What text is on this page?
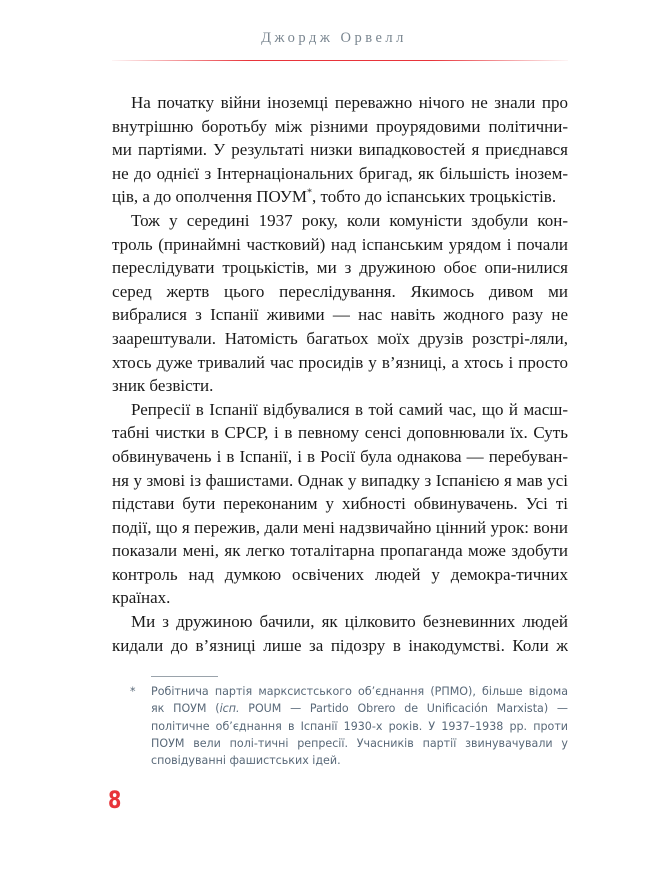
Джордж Орвелл

На початку війни іноземці переважно нічого не знали про внутрішню боротьбу між різними проурядовими політични-ми партіями. У результаті низки випадковостей я приєднався не до однієї з Інтернаціональних бригад, як більшість інозем-ців, а до ополчення ПОУМ*, тобто до іспанських троцькістів.

Тож у середині 1937 року, коли комуністи здобули кон-троль (принаймні частковий) над іспанським урядом і почали переслідувати троцькістів, ми з дружиною обоє опи-нилися серед жертв цього переслідування. Якимось дивом ми вибралися з Іспанії живими — нас навіть жодного разу не заарештували. Натомість багатьох моїх друзів розстрі-ляли, хтось дуже тривалий час просидів у в’язниці, а хтось і просто зник безвісти.

Репресії в Іспанії відбувалися в той самий час, що й масш-табні чистки в СРСР, і в певному сенсі доповнювали їх. Суть обвинувачень і в Іспанії, і в Росії була однакова — перебуван-ня у змові із фашистами. Однак у випадку з Іспанією я мав усі підстави бути переконаним у хибності обвинувачень. Усі ті події, що я пережив, дали мені надзвичайно цінний урок: вони показали мені, як легко тоталітарна пропаганда може здобути контроль над думкою освічених людей у демокра-тичних країнах.

Ми з дружиною бачили, як цілковито безневинних людей кидали до в’язниці лише за підозру в інакодумстві. Коли ж

*	Робітнича партія марксистського об’єднання (РПМО), більше відома як ПОУМ (ісп. POUM — Partido Obrero de Unificación Marxista) — політичне об’єднання в Іспанії 1930-х років. У 1937–1938 рр. проти ПОУМ вели полі-тичні репресії. Учасників партії звинувачували у сповідуванні фашистських ідей.
8
